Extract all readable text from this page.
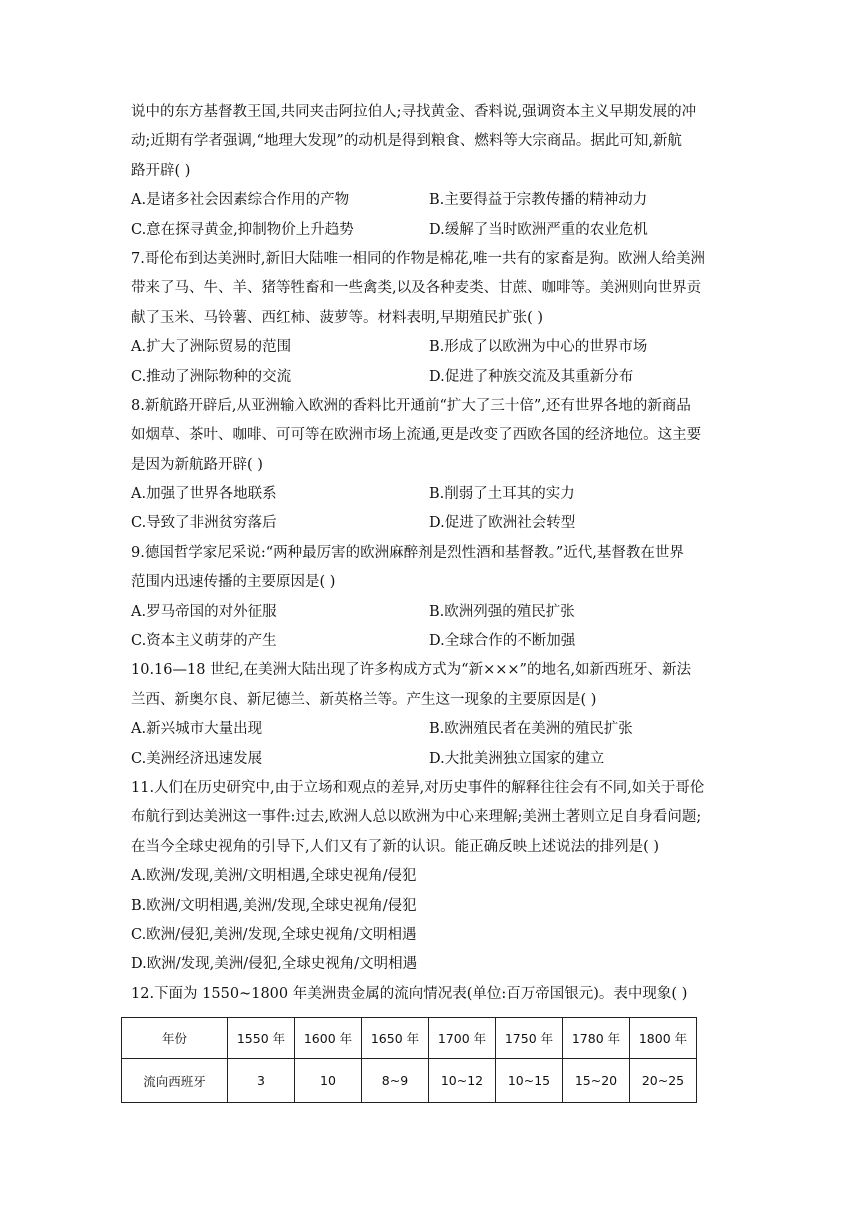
说中的东方基督教王国,共同夹击阿拉伯人;寻找黄金、香料说,强调资本主义早期发展的冲
动;近期有学者强调,“地理大发现”的动机是得到粮食、燃料等大宗商品。据此可知,新航
路开辟( )
A.是诸多社会因素综合作用的产物	B.主要得益于宗教传播的精神动力
C.意在探寻黄金,抑制物价上升趋势	D.缓解了当时欧洲严重的农业危机
7.哥伦布到达美洲时,新旧大陆唯一相同的作物是棉花,唯一共有的家畜是狗。欧洲人给美洲
带来了马、牛、羊、猪等牲畜和一些禽类,以及各种麦类、甘蔗、咖啡等。美洲则向世界贡
献了玉米、马铃薯、西红柿、菠萝等。材料表明,早期殖民扩张( )
A.扩大了洲际贸易的范围	B.形成了以欧洲为中心的世界市场
C.推动了洲际物种的交流	D.促进了种族交流及其重新分布
8.新航路开辟后,从亚洲输入欧洲的香料比开通前“扩大了三十倍”,还有世界各地的新商品
如烟草、茶叶、咖啡、可可等在欧洲市场上流通,更是改变了西欧各国的经济地位。这主要
是因为新航路开辟( )
A.加强了世界各地联系	B.削弱了土耳其的实力
C.导致了非洲贫穷落后	D.促进了欧洲社会转型
9.德国哲学家尼采说:“两种最厉害的欧洲麻醉剂是烈性酒和基督教。”近代,基督教在世界
范围内迅速传播的主要原因是( )
A.罗马帝国的对外征服	B.欧洲列强的殖民扩张
C.资本主义萌芽的产生	D.全球合作的不断加强
10.16—18 世纪,在美洲大陆出现了许多构成方式为“新×××”的地名,如新西班牙、新法
兰西、新奥尔良、新尼德兰、新英格兰等。产生这一现象的主要原因是( )
A.新兴城市大量出现	B.欧洲殖民者在美洲的殖民扩张
C.美洲经济迅速发展	D.大批美洲独立国家的建立
11.人们在历史研究中,由于立场和观点的差异,对历史事件的解释往往会有不同,如关于哥伦
布航行到达美洲这一事件:过去,欧洲人总以欧洲为中心来理解;美洲土著则立足自身看问题;
在当今全球史视角的引导下,人们又有了新的认识。能正确反映上述说法的排列是( )
A.欧洲/发现,美洲/文明相遇,全球史视角/侵犯
B.欧洲/文明相遇,美洲/发现,全球史视角/侵犯
C.欧洲/侵犯,美洲/发现,全球史视角/文明相遇
D.欧洲/发现,美洲/侵犯,全球史视角/文明相遇
12.下面为 1550~1800 年美洲贵金属的流向情况表(单位:百万帝国银元)。表中现象( )
年份	1550 年	1600 年	1650 年	1700 年	1750 年	1780 年	1800 年
流向西班牙	3	10	8~9	10~12	10~15	15~20	20~25
